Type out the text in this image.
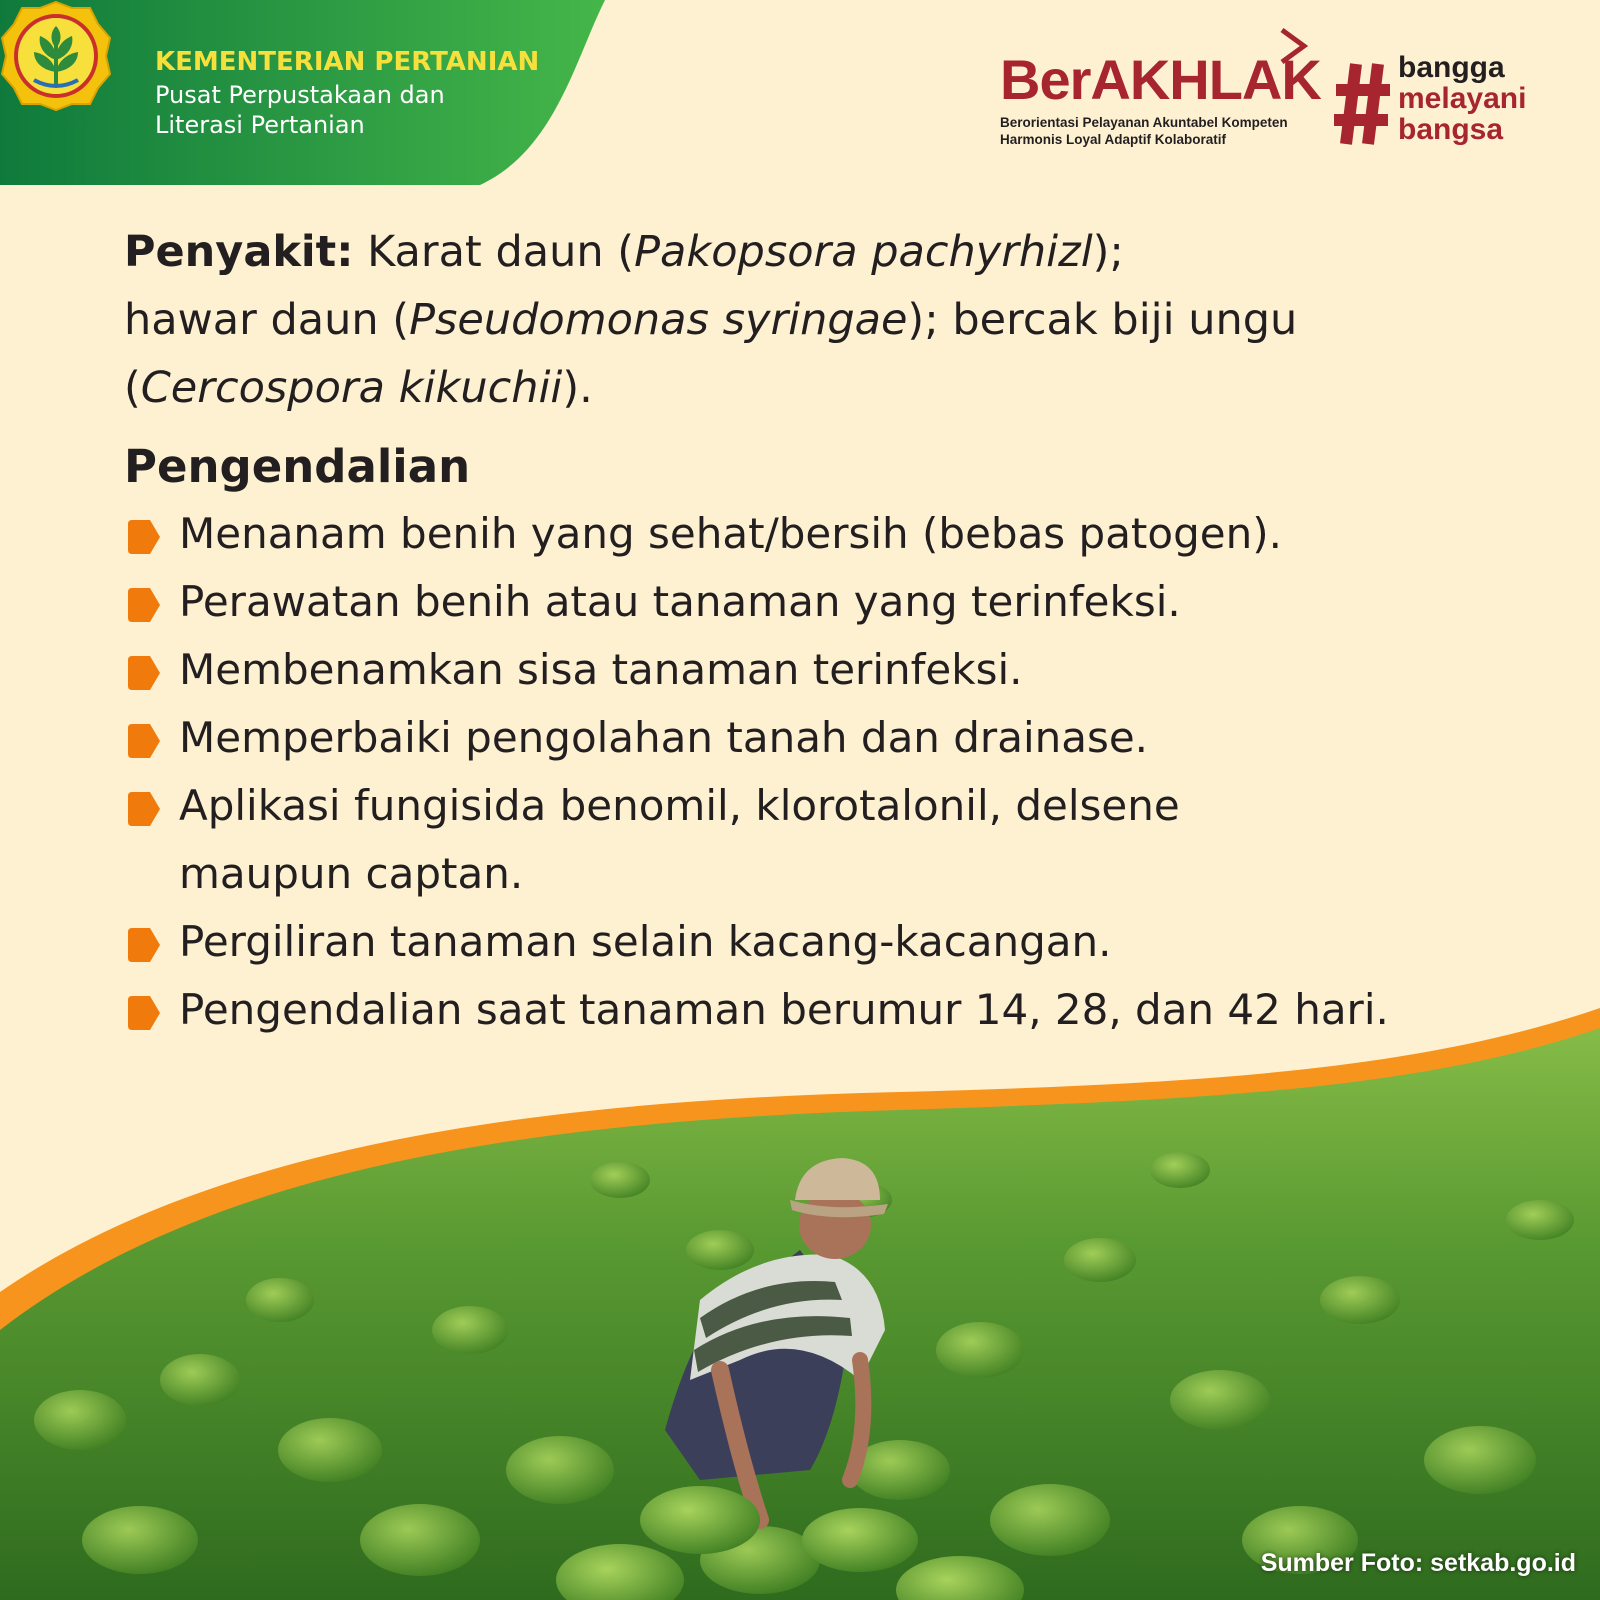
KEMENTERIAN PERTANIAN
Pusat Perpustakaan dan
Literasi Pertanian
BerAKHLAK
Berorientasi Pelayanan Akuntabel Kompeten
Harmonis Loyal Adaptif Kolaboratif
bangga
melayani
bangsa

Penyakit: Karat daun (Pakopsora pachyrhizl);
hawar daun (Pseudomonas syringae); bercak biji ungu
(Cercospora kikuchii).

Pengendalian
Menanam benih yang sehat/bersih (bebas patogen).
Perawatan benih atau tanaman yang terinfeksi.
Membenamkan sisa tanaman terinfeksi.
Memperbaiki pengolahan tanah dan drainase.
Aplikasi fungisida benomil, klorotalonil, delsene maupun captan.
Pergiliran tanaman selain kacang-kacangan.
Pengendalian saat tanaman berumur 14, 28, dan 42 hari.
Sumber Foto: setkab.go.id
